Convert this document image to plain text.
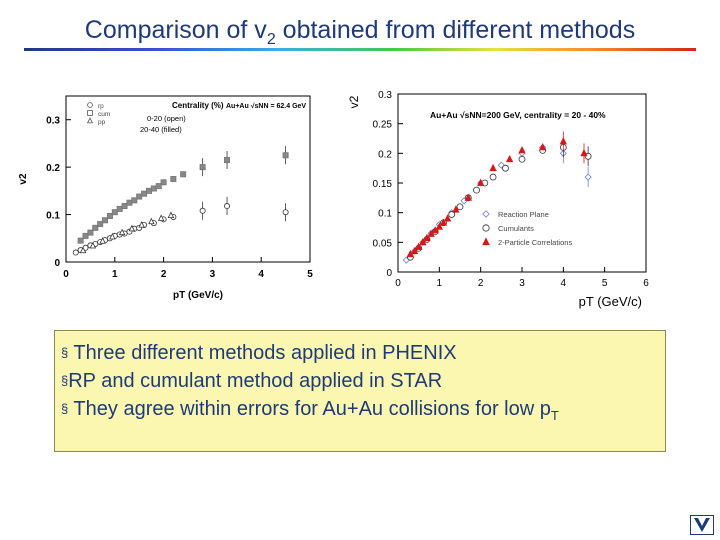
Comparison of $v_2$ obtained from different methods
0	1	2	3	4	5
0
0.1
0.2
0.3
v2
pT (GeV/c)
Centrality (%) Au+Au √sNN = 62.4 GeV
0-20 (open)
20-40 (filled)
rp
cum
pp
0	1	2	3	4	5	6
0
0.05
0.1
0.15
0.2
0.25
0.3
v2
pT (GeV/c)
Au+Au √sNN=200 GeV, centrality = 20 - 40%
Reaction Plane
Cumulants
2-Particle Correlations
§ Three different methods applied in PHENIX
§RP and cumulant method applied in STAR
§ They agree within errors for Au+Au collisions for low $p_T$
